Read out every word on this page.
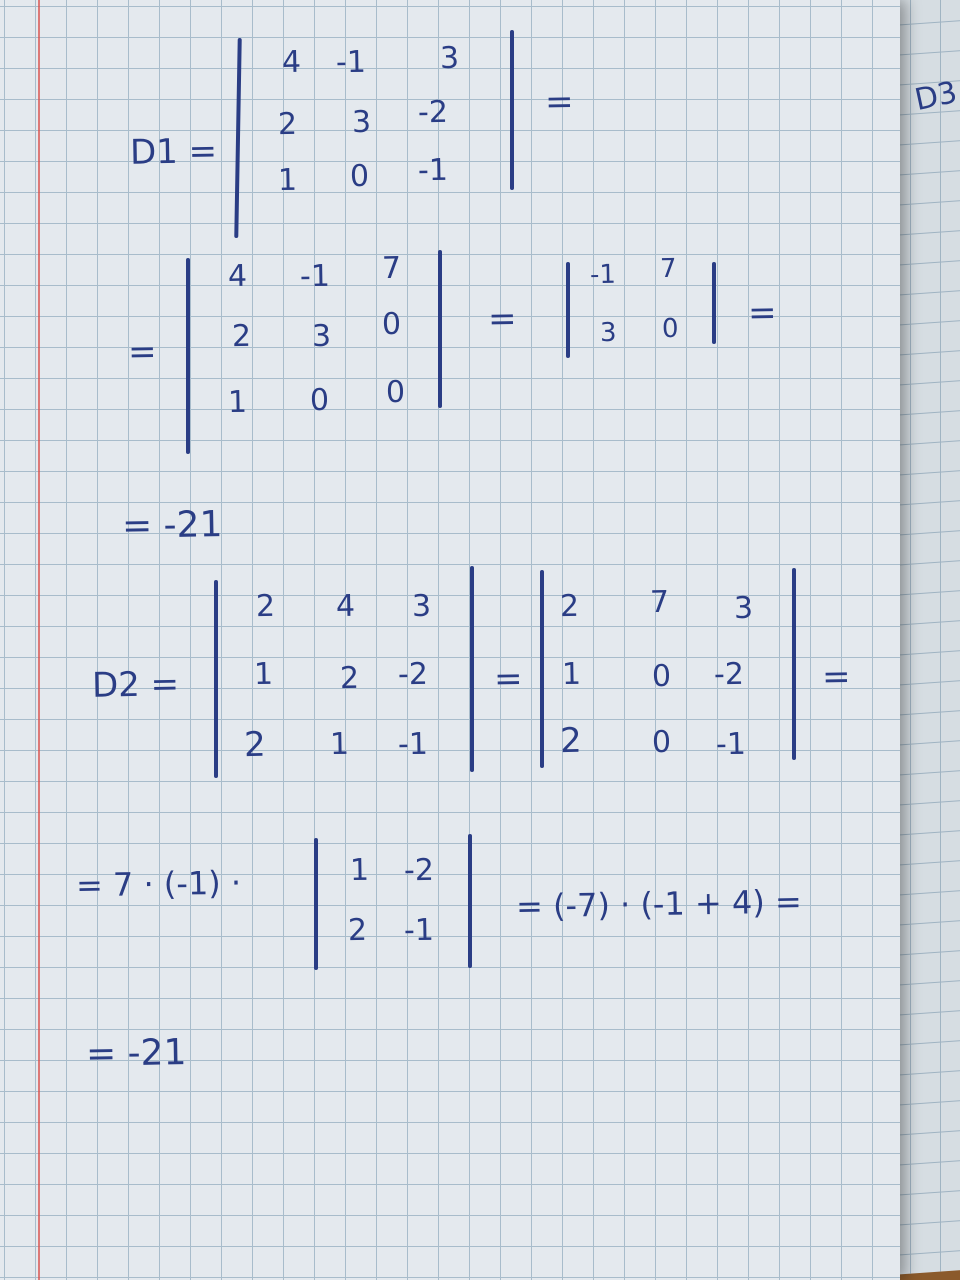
D3
D1 =
4 -1 3
2 3 -2
1 0 -1
=
=
4 -1 7
2 3 0
1 0 0
=
-1 7
3 0 =
= -21
D2 =
2 4 3
1 2 -2
2 1 -1
=
2 7 3
1 0 -2
2 0 -1
=
= 7 · (-1) ·	1 -2
2 -1
= (-7) · (-1 + 4) =
= -21
